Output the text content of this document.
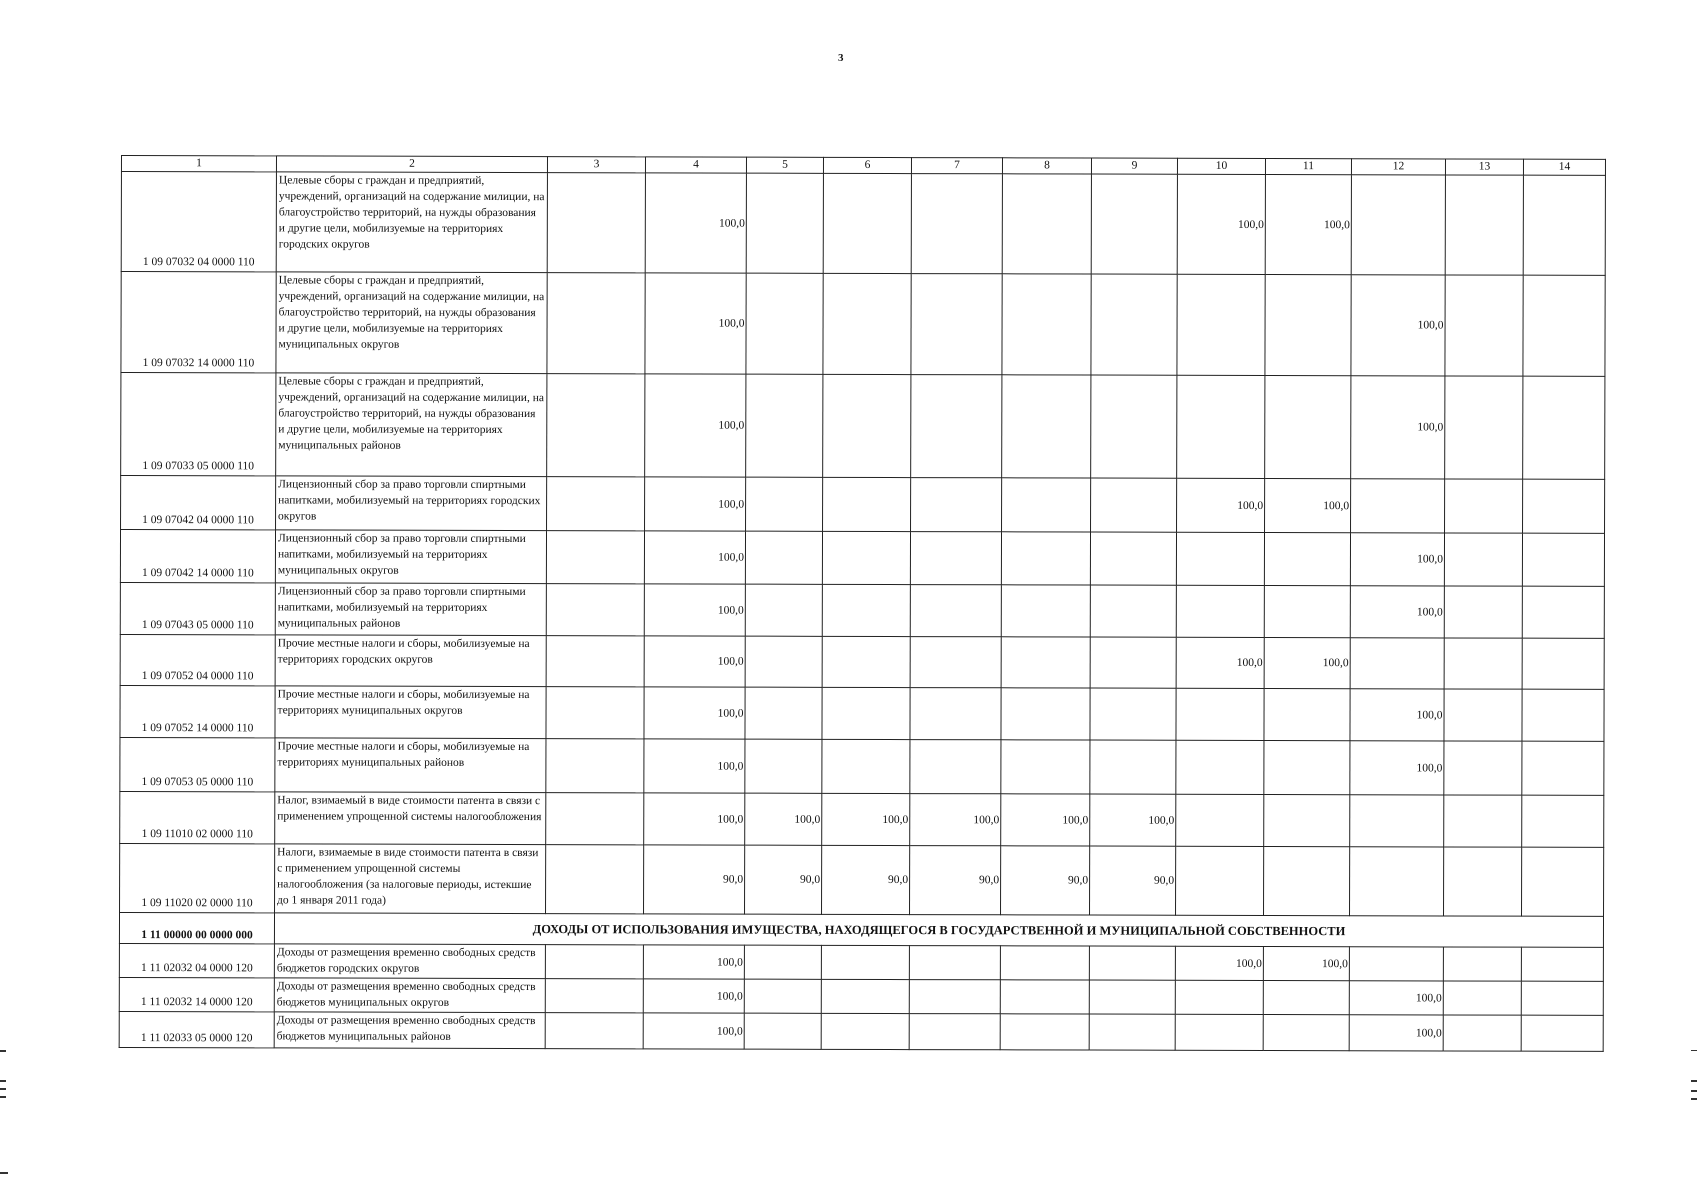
3
1	2	3	4	5	6	7	8	9	10	11	12	13	14
1 09 07032 04 0000 110	Целевые сборы с граждан и предприятий, учреждений, организаций на содержание милиции, на благоустройство территорий, на нужды образования и другие цели, мобилизуемые на территориях городских округов		100,0						100,0	100,0			
1 09 07032 14 0000 110	Целевые сборы с граждан и предприятий, учреждений, организаций на содержание милиции, на благоустройство территорий, на нужды образования и другие цели, мобилизуемые на территориях муниципальных округов		100,0								100,0		
1 09 07033 05 0000 110	Целевые сборы с граждан и предприятий, учреждений, организаций на содержание милиции, на благоустройство территорий, на нужды образования и другие цели, мобилизуемые на территориях муниципальных районов		100,0								100,0		
1 09 07042 04 0000 110	Лицензионный сбор за право торговли спиртными напитками, мобилизуемый на территориях городских округов		100,0						100,0	100,0			
1 09 07042 14 0000 110	Лицензионный сбор за право торговли спиртными напитками, мобилизуемый на территориях муниципальных округов		100,0								100,0		
1 09 07043 05 0000 110	Лицензионный сбор за право торговли спиртными напитками, мобилизуемый на территориях муниципальных районов		100,0								100,0		
1 09 07052 04 0000 110	Прочие местные налоги и сборы, мобилизуемые на территориях городских округов		100,0						100,0	100,0			
1 09 07052 14 0000 110	Прочие местные налоги и сборы, мобилизуемые на территориях муниципальных округов		100,0								100,0		
1 09 07053 05 0000 110	Прочие местные налоги и сборы, мобилизуемые на территориях муниципальных районов		100,0								100,0		
1 09 11010 02 0000 110	Налог, взимаемый в виде стоимости патента в связи с применением упрощенной системы налогообложения		100,0	100,0	100,0	100,0	100,0	100,0					
1 09 11020 02 0000 110	Налоги, взимаемые в виде стоимости патента в связи с применением упрощенной системы налогообложения (за налоговые периоды, истекшие до 1 января 2011 года)		90,0	90,0	90,0	90,0	90,0	90,0					
1 11 00000 00 0000 000	ДОХОДЫ ОТ ИСПОЛЬЗОВАНИЯ ИМУЩЕСТВА, НАХОДЯЩЕГОСЯ В ГОСУДАРСТВЕННОЙ И МУНИЦИПАЛЬНОЙ СОБСТВЕННОСТИ												
1 11 02032 04 0000 120	Доходы от размещения временно свободных средств бюджетов городских округов		100,0						100,0	100,0			
1 11 02032 14 0000 120	Доходы от размещения временно свободных средств бюджетов муниципальных округов		100,0								100,0		
1 11 02033 05 0000 120	Доходы от размещения временно свободных средств бюджетов муниципальных районов		100,0								100,0		
